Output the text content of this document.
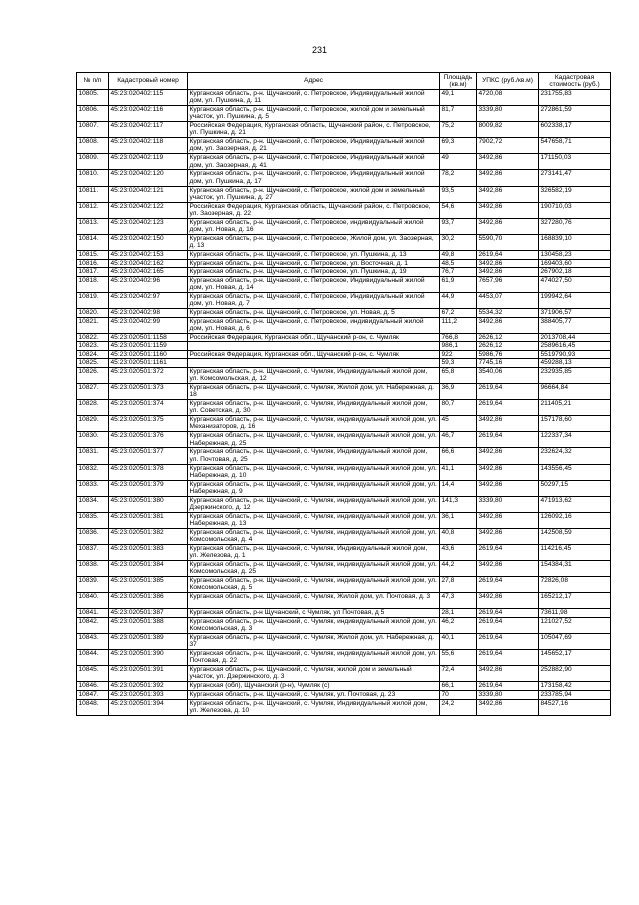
231
№ п/п	Кадастровый номер	Адрес	Площадь (кв.м)	УПКС (руб./кв.м)	Кадастровая стоимость (руб.)
10805.	45:23:020402:115	Курганская область, р-н. Щучанский, с. Петровское, Индивидуальный жилой дом, ул. Пушкина, д. 11	49,1	4720,08	231755,83
10806.	45:23:020402:116	Курганская область, р-н. Щучанский, с. Петровское, жилой дом и земельный участок, ул. Пушкина, д. 5	81,7	3339,80	272861,59
10807.	45:23:020402:117	Российская Федерация, Курганская область, Щучанский район, с. Петровское, ул. Пушкина, д. 21	75,2	8009,82	602338,17
10808.	45:23:020402:118	Курганская область, р-н. Щучанский, с. Петровское, Индивидуальный жилой дом, ул. Заозерная, д. 21	69,3	7902,72	547658,71
10809.	45:23:020402:119	Курганская область, р-н. Щучанский, с. Петровское, Индивидуальный жилой дом, ул. Заозерная, д. 41	49	3492,86	171150,03
10810.	45:23:020402:120	Курганская область, р-н. Щучанский, с. Петровское, Индивидуальный жилой дом, ул. Пушкина, д. 17	78,2	3492,86	273141,47
10811.	45:23:020402:121	Курганская область, р-н. Щучанский, с. Петровское, жилой дом и земельный участок, ул. Пушкина, д. 27	93,5	3492,86	326582,19
10812.	45:23:020402:122	Российская Федерация, Курганская область, Щучанский район, с. Петровское, ул. Заозерная, д. 22	54,6	3492,86	190710,03
10813.	45:23:020402:123	Курганская область, р-н. Щучанский, с. Петровское, индивидуальный жилой дом, ул. Новая, д. 16	93,7	3492,86	327280,76
10814.	45:23:020402:150	Курганская область, р-н. Щучанский, с. Петровское, Жилой дом, ул. Заозерная, д. 13	30,2	5590,70	168839,10
10815.	45:23:020402:153	Курганская область, р-н. Щучанский, с. Петровское, ул. Пушкина, д. 13	49,8	2619,64	130458,23
10816.	45:23:020402:162	Курганская область, р-н. Щучанский, с. Петровское, ул. Восточная, д. 1	48,5	3492,86	169403,60
10817.	45:23:020402:165	Курганская область, р-н. Щучанский, с. Петровское, ул. Пушкина, д. 19	76,7	3492,86	267902,18
10818.	45:23:020402:96	Курганская область, р-н. Щучанский, с. Петровское, Индивидуальный жилой дом, ул. Новая, д. 14	61,9	7657,96	474027,50
10819.	45:23:020402:97	Курганская область, р-н. Щучанский, с. Петровское, Индивидуальный жилой дом, ул. Новая, д. 7	44,9	4453,07	199942,64
10820.	45:23:020402:98	Курганская область, р-н. Щучанский, с. Петровское, ул. Новая, д. 5	67,2	5534,32	371906,57
10821.	45:23:020402:99	Курганская область, р-н. Щучанский, с. Петровское, индивидуальный жилой дом, ул. Новая, д. 6	111,2	3492,86	388405,77
10822.	45:23:020501:1158	Российская Федерация, Курганская обл., Щучанский р-он, с. Чумляк	766,8	2626,12	2013708,44
10823.	45:23:020501:1159		986,1	2626,12	2589616,45
10824.	45:23:020501:1160	Российская Федерация, Курганская обл., Щучанский р-он, с. Чумляк	922	5986,76	5519790,93
10825.	45:23:020501:1161		59,3	7745,16	459288,13
10826.	45:23:020501:372	Курганская область, р-н. Щучанский, с. Чумляк, Индивидуальный жилой дом, ул. Комсомольская, д. 12	65,8	3540,06	232935,85
10827.	45:23:020501:373	Курганская область, р-н. Щучанский, с. Чумляк, Жилой дом, ул. Набережная, д. 18	36,9	2619,64	96664,84
10828.	45:23:020501:374	Курганская область, р-н. Щучанский, с. Чумляк, Индивидуальный жилой дом, ул. Советская, д. 30	80,7	2619,64	211405,21
10829.	45:23:020501:375	Курганская область, р-н. Щучанский, с. Чумляк, индивидуальный жилой дом, ул. Механизаторов, д. 16	45	3492,86	157178,60
10830.	45:23:020501:376	Курганская область, р-н. Щучанский, с. Чумляк, индивидуальный жилой дом, ул. Набережная, д. 25	46,7	2619,64	122337,34
10831.	45:23:020501:377	Курганская область, р-н. Щучанский, с. Чумляк, Индивидуальный жилой дом, ул. Почтовая, д. 25	66,6	3492,86	232624,32
10832.	45:23:020501:378	Курганская область, р-н. Щучанский, с. Чумляк, индивидуальный жилой дом, ул. Набережная, д. 10	41,1	3492,86	143556,45
10833.	45:23:020501:379	Курганская область, р-н. Щучанский, с. Чумляк, индивидуальный жилой дом, ул. Набережная, д. 9	14,4	3492,86	50297,15
10834.	45:23:020501:380	Курганская область, р-н. Щучанский, с. Чумляк, индивидуальный жилой дом, ул. Дзержинского, д. 12	141,3	3339,80	471913,62
10835.	45:23:020501:381	Курганская область, р-н. Щучанский, с. Чумляк, индивидуальный жилой дом, ул. Набережная, д. 13	36,1	3492,86	126092,16
10836.	45:23:020501:382	Курганская область, р-н. Щучанский, с. Чумляк, индивидуальный жилой дом, ул. Комсомольская, д. 4	40,8	3492,86	142508,59
10837.	45:23:020501:383	Курганская область, р-н. Щучанский, с. Чумляк, Индивидуальный жилой дом, ул. Железова, д. 1	43,6	2619,64	114216,45
10838.	45:23:020501:384	Курганская область, р-н. Щучанский, с. Чумляк, индивидуальный жилой дом, ул. Комсомольская, д. 25	44,2	3492,86	154384,31
10839.	45:23:020501:385	Курганская область, р-н. Щучанский, с. Чумляк, индивидуальный жилой дом, ул. Комсомольская, д. 5	27,8	2619,64	72826,08
10840.	45:23:020501:386	Курганская область, р-н. Щучанский, с. Чумляк, Жилой дом, ул. Почтовая, д. 3	47,3	3492,86	165212,17
10841.	45:23:020501:387	Курганская область, р-н Щучанский, с Чумляк, ул Почтовая, д 5	28,1	2619,64	73611,98
10842.	45:23:020501:388	Курганская область, р-н. Щучанский, с. Чумляк, индивидуальный жилой дом, ул. Комсомольская, д. 3	46,2	2619,64	121027,52
10843.	45:23:020501:389	Курганская область, р-н. Щучанский, с. Чумляк, Жилой дом, ул. Набережная, д. 37	40,1	2619,64	105047,69
10844.	45:23:020501:390	Курганская область, р-н. Щучанский, с. Чумляк, индивидуальный жилой дом, ул. Почтовая, д. 22	55,6	2619,64	145652,17
10845.	45:23:020501:391	Курганская область, р-н. Щучанский, с. Чумляк, жилой дом и земельный участок, ул. Дзержинского, д. 3	72,4	3492,86	252882,90
10846.	45:23:020501:392	Курганская (обл), Щучанский (р-н), Чумляк (с)	66,1	2619,64	173158,42
10847.	45:23:020501:393	Курганская область, р-н. Щучанский, с. Чумляк, ул. Почтовая, д. 23	70	3339,80	233785,94
10848.	45:23:020501:394	Курганская область, р-н. Щучанский, с. Чумляк, Индивидуальный жилой дом, ул. Железова, д. 10	24,2	3492,86	84527,16
